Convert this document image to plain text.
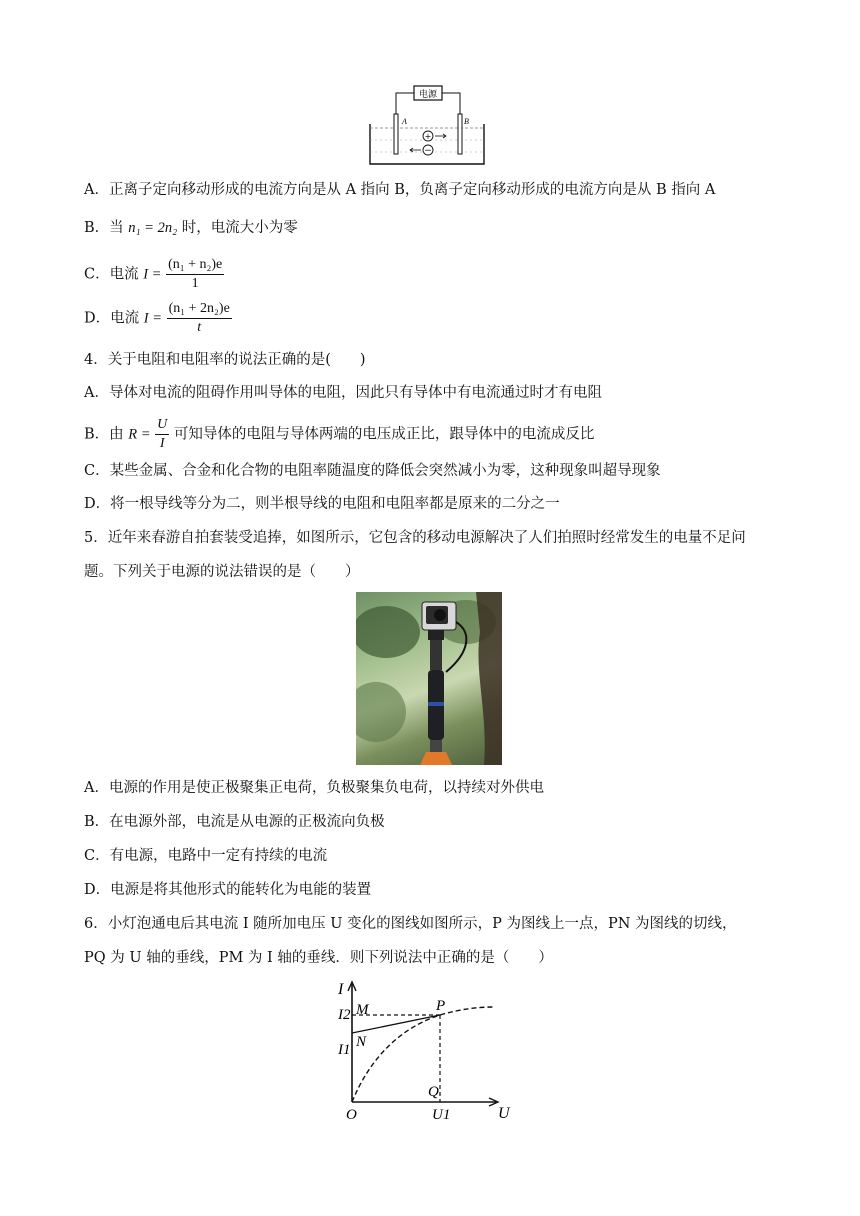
电源
A	B
+
−
A．正离子定向移动形成的电流方向是从 A 指向 B，负离子定向移动形成的电流方向是从 B 指向 A
B．当 n₁ = 2n₂ 时，电流大小为零
C．电流 $I = \frac{\text{(n₁ + n₂)e}}{1}$
D．电流 $I = \frac{\text{(n₁ + 2n₂)e}}{t}$
4．关于电阻和电阻率的说法正确的是(　　)
A．导体对电流的阻碍作用叫导体的电阻，因此只有导体中有电流通过时才有电阻
B．由 $R = \frac{U}{I}$ 可知导体的电阻与导体两端的电压成正比，跟导体中的电流成反比
C．某些金属、合金和化合物的电阻率随温度的降低会突然减小为零，这种现象叫超导现象
D．将一根导线等分为二，则半根导线的电阻和电阻率都是原来的二分之一
5．近年来春游自拍套装受追捧，如图所示，它包含的移动电源解决了人们拍照时经常发生的电量不足问
题。下列关于电源的说法错误的是（　　）
A．电源的作用是使正极聚集正电荷，负极聚集负电荷，以持续对外供电
B．在电源外部，电流是从电源的正极流向负极
C．有电源，电路中一定有持续的电流
D．电源是将其他形式的能转化为电能的装置
6．小灯泡通电后其电流 I 随所加电压 U 变化的图线如图所示，P 为图线上一点，PN 为图线的切线，
PQ 为 U 轴的垂线，PM 为 I 轴的垂线．则下列说法中正确的是（　　）
I
U
O
I2
I1
U1
M
N
P
Q
